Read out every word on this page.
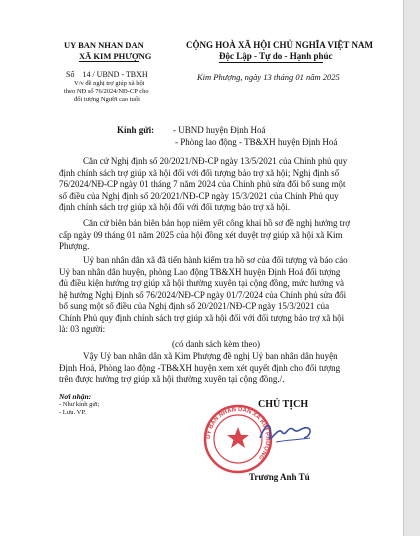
UY BAN NHAN DAN
XÃ KIM PHƯỢNG
CỘNG HOÀ XÃ HỘI CHỦ NGHĨA VIỆT NAM
Độc Lập - Tự do - Hạnh phúc
Số 14 / UBND - TBXH
V/v đề nghị trợ giúp xã hội
theo NĐ số 76/2024/NĐ-CP cho
đối tượng Người cao tuổi
Kim Phượng, ngày 13 tháng 01 năm 2025
Kính gửi: - UBND huyện Định Hoá
- Phòng lao động - TB&XH huyện Định Hoá
Căn cứ Nghị định số 20/2021/NĐ-CP ngày 13/5/2021 của Chính phủ quy
định chính sách trợ giúp xã hội đối với đối tượng bảo trợ xã hội; Nghị định số
76/2024/NĐ-CP ngày 01 tháng 7 năm 2024 của Chính phủ sửa đổi bổ sung một
số điều của Nghị định số 20/2021/NĐ-CP ngày 15/3/2021 của Chính Phủ quy
định chính sách trợ giúp xã hội đối với đối tượng bảo trợ xã hội.
Căn cứ biên bản biên bản họp niêm yết công khai hồ sơ đề nghị hưởng trợ
cấp ngày 09 tháng 01 năm 2025 của hội đồng xét duyệt trợ giúp xã hội xã Kim
Phượng.
Uỷ ban nhân dân xã đã tiến hành kiểm tra hồ sơ của đối tượng và báo cáo
Uỷ ban nhân dân huyện, phòng Lao động TB&XH huyện Định Hoá đối tượng
đủ điều kiện hưởng trợ giúp xã hội thường xuyên tại cộng đồng, mức hưởng và
hệ hưởng Nghị Định số 76/2024/NĐ-CP ngày 01/7/2024 của Chính phủ sửa đổi
bổ sung một số điều của Nghị định số 20/2021/NĐ-CP ngày 15/3/2021 của
Chính Phủ quy định chính sách trợ giúp xã hội đối với đối tượng bảo trợ xã hội
là: 03 người:
(có danh sách kèm theo)
Vậy Uỷ ban nhân dân xã Kim Phượng đề nghị Uỷ ban nhân dân huyện
Định Hoá, Phòng lao động -TB&XH huyện xem xét quyết định cho đối tượng
trên được hưởng trợ giúp xã hội thường xuyên tại cộng đồng./.
Nơi nhận:
- Như kính gửi;
- Lưu. VP.
CHỦ TỊCH
UỶ BAN NHÂN DÂN XÃ KIM PHƯỢNG
Trương Anh Tú
